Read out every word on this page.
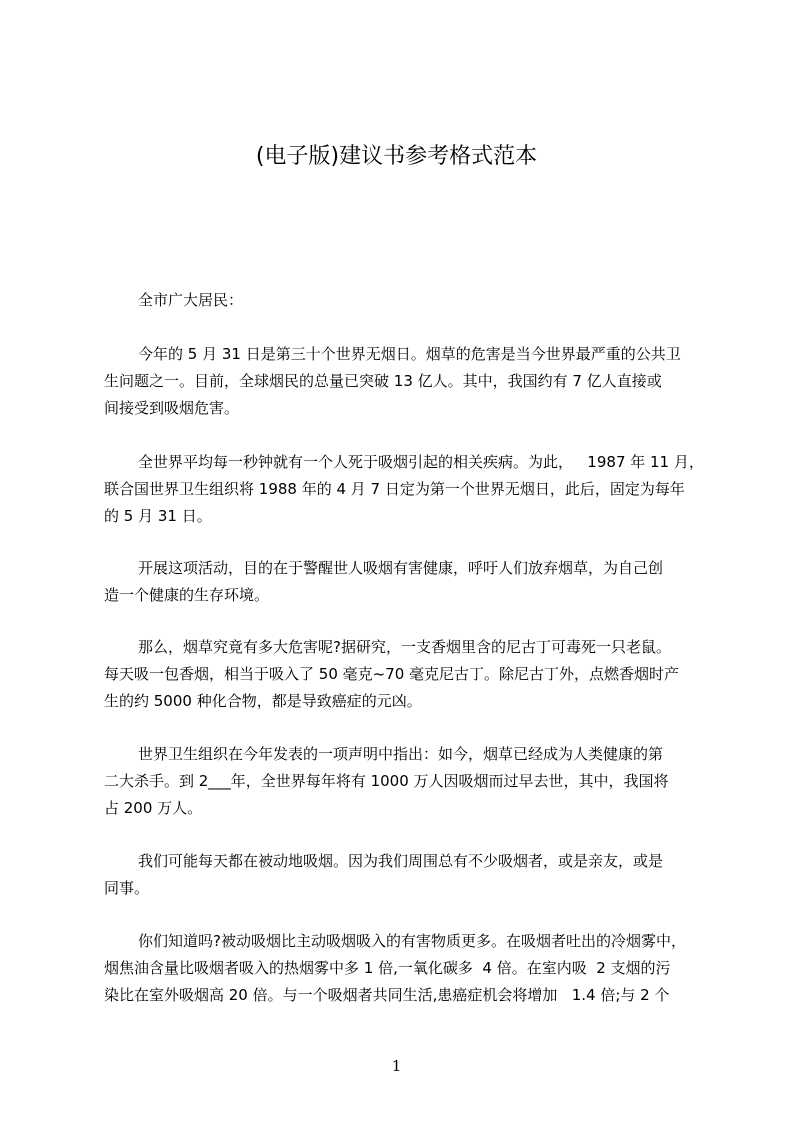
(电子版)建议书参考格式范本
全市广大居民：
今年的 5 月 31 日是第三十个世界无烟日。烟草的危害是当今世界最严重的公共卫
生问题之一。目前，全球烟民的总量已突破 13 亿人。其中，我国约有 7 亿人直接或
间接受到吸烟危害。
全世界平均每一秒钟就有一个人死于吸烟引起的相关疾病。为此，   1987 年 11 月，
联合国世界卫生组织将 1988 年的 4 月 7 日定为第一个世界无烟日，此后，固定为每年
的 5 月 31 日。
开展这项活动，目的在于警醒世人吸烟有害健康，呼吁人们放弃烟草，为自己创
造一个健康的生存环境。
那么，烟草究竟有多大危害呢?据研究，一支香烟里含的尼古丁可毒死一只老鼠。
每天吸一包香烟，相当于吸入了 50 毫克~70 毫克尼古丁。除尼古丁外，点燃香烟时产
生的约 5000 种化合物，都是导致癌症的元凶。
世界卫生组织在今年发表的一项声明中指出：如今，烟草已经成为人类健康的第
二大杀手。到 2___年，全世界每年将有 1000 万人因吸烟而过早去世，其中，我国将
占 200 万人。
我们可能每天都在被动地吸烟。因为我们周围总有不少吸烟者，或是亲友，或是
同事。
你们知道吗?被动吸烟比主动吸烟吸入的有害物质更多。在吸烟者吐出的冷烟雾中，
烟焦油含量比吸烟者吸入的热烟雾中多 1 倍,一氧化碳多  4 倍。在室内吸  2 支烟的污
染比在室外吸烟高 20 倍。与一个吸烟者共同生活,患癌症机会将增加   1.4 倍;与 2 个
1
